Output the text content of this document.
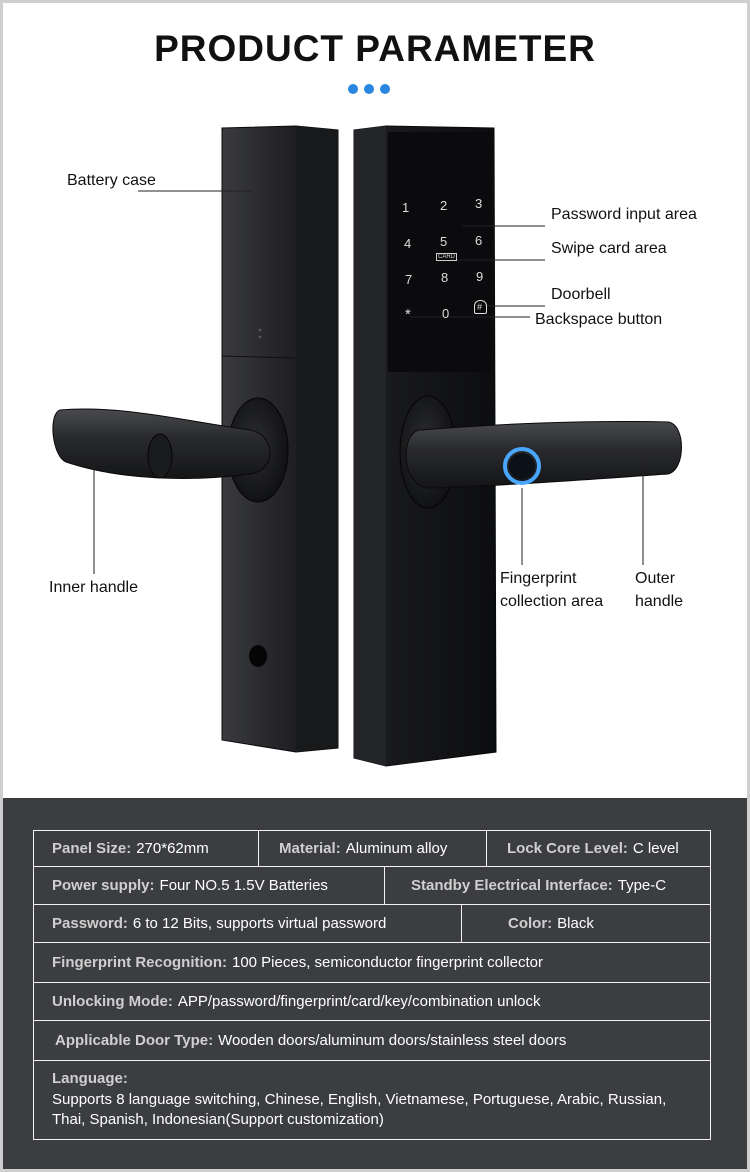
PRODUCT PARAMETER
1 2 3
4 5 6
CARD
7 8 9
* 0	#
Battery case
Password input area
Swipe card area
Doorbell
Backspace button
Inner handle
Fingerprint
collection area
Outer
handle
Panel Size: 270*62mm	Material: Aluminum alloy	Lock Core Level: C level
Power supply: Four NO.5 1.5V Batteries	Standby Electrical Interface: Type-C
Password: 6 to 12 Bits, supports virtual password	Color: Black
Fingerprint Recognition: 100 Pieces, semiconductor fingerprint collector
Unlocking Mode: APP/password/fingerprint/card/key/combination unlock
Applicable Door Type: Wooden doors/aluminum doors/stainless steel doors
Language:
Supports 8 language switching, Chinese, English, Vietnamese, Portuguese, Arabic, Russian, Thai, Spanish, Indonesian(Support customization)
